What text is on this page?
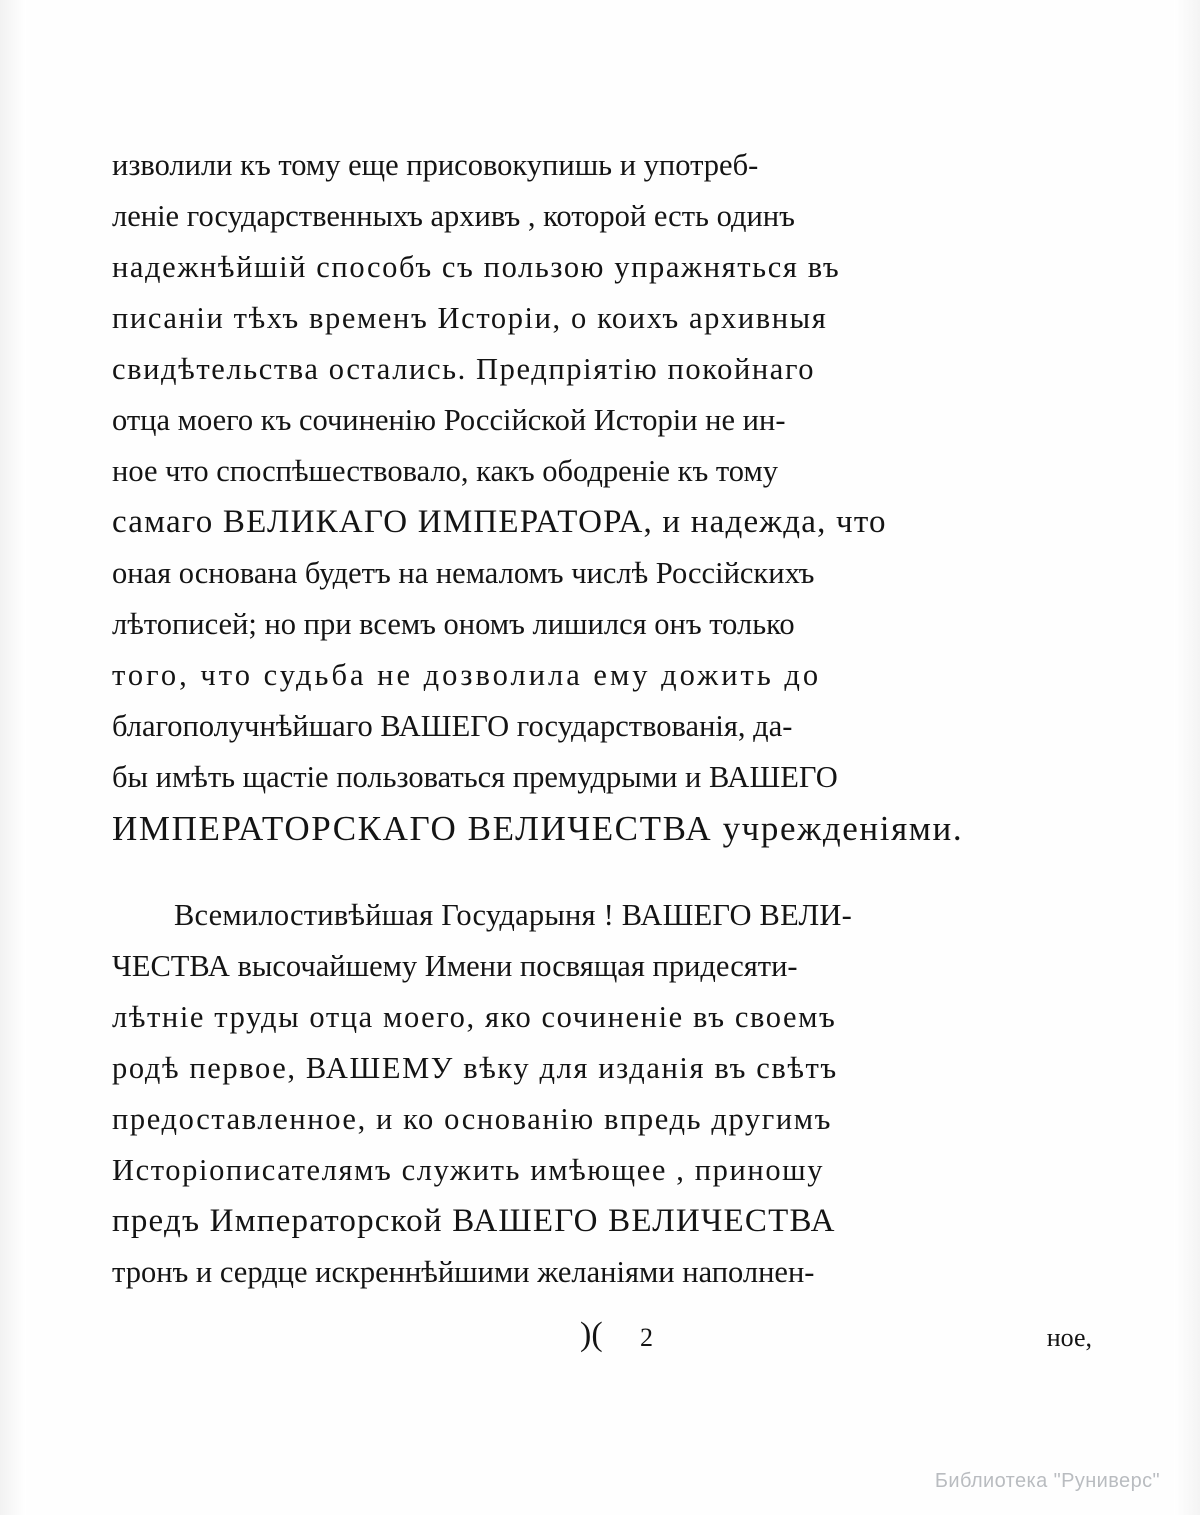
изволили къ тому еще присовокупишь и употреб-
леніе государственныхъ архивъ , которой есть одинъ
надежнѣйшій способъ съ пользою упражняться въ
писаніи тѣхъ временъ Исторіи, о коихъ архивныя
свидѣтельства остались. Предпріятію покойнаго
отца моего къ сочиненію Россійской Исторіи не ин-
ное что споспѣшествовало, какъ ободреніе къ тому
самаго ВЕЛИКАГО ИМПЕРАТОРА, и надежда, что
оная основана будетъ на немаломъ числѣ Россійскихъ
лѣтописей; но при всемъ ономъ лишился онъ только
того, что судьба не дозволила ему дожить до
благополучнѣйшаго ВАШЕГО государствованія, да-
бы имѣть щастіе пользоваться премудрыми и ВАШЕГО
ИМПЕРАТОРСКАГО ВЕЛИЧЕСТВА учрежденіями.
Всемилостивѣйшая Государыня ! ВАШЕГО ВЕЛИ-
ЧЕСТВА высочайшему Имени посвящая придесяти-
лѣтніе труды отца моего, яко сочиненіе въ своемъ
родѣ первое, ВАШЕМУ вѣку для изданія въ свѣтъ
предоставленное, и ко основанію впредь другимъ
Исторіописателямъ служить имѣющее , приношу
предъ Императорской ВАШЕГО ВЕЛИЧЕСТВА
тронъ и сердце искреннѣйшими желаніями наполнен-
)( 2	ное,
Библиотека "Руниверс"
